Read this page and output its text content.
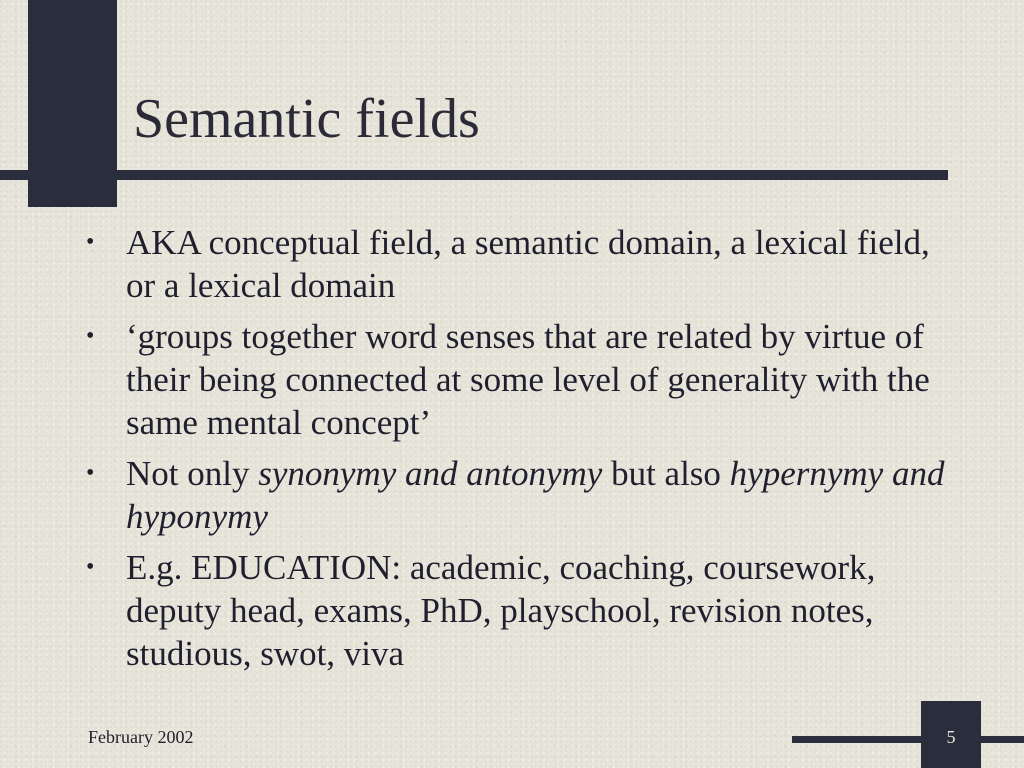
Semantic fields
• AKA conceptual field, a semantic domain, a lexical field, or a lexical domain
• ‘groups together word senses that are related by virtue of their being connected at some level of generality with the same mental concept’
• Not only synonymy and antonymy but also hypernymy and hyponymy
• E.g. EDUCATION: academic, coaching, coursework, deputy head, exams, PhD, playschool, revision notes, studious, swot, viva
February 2002	5
